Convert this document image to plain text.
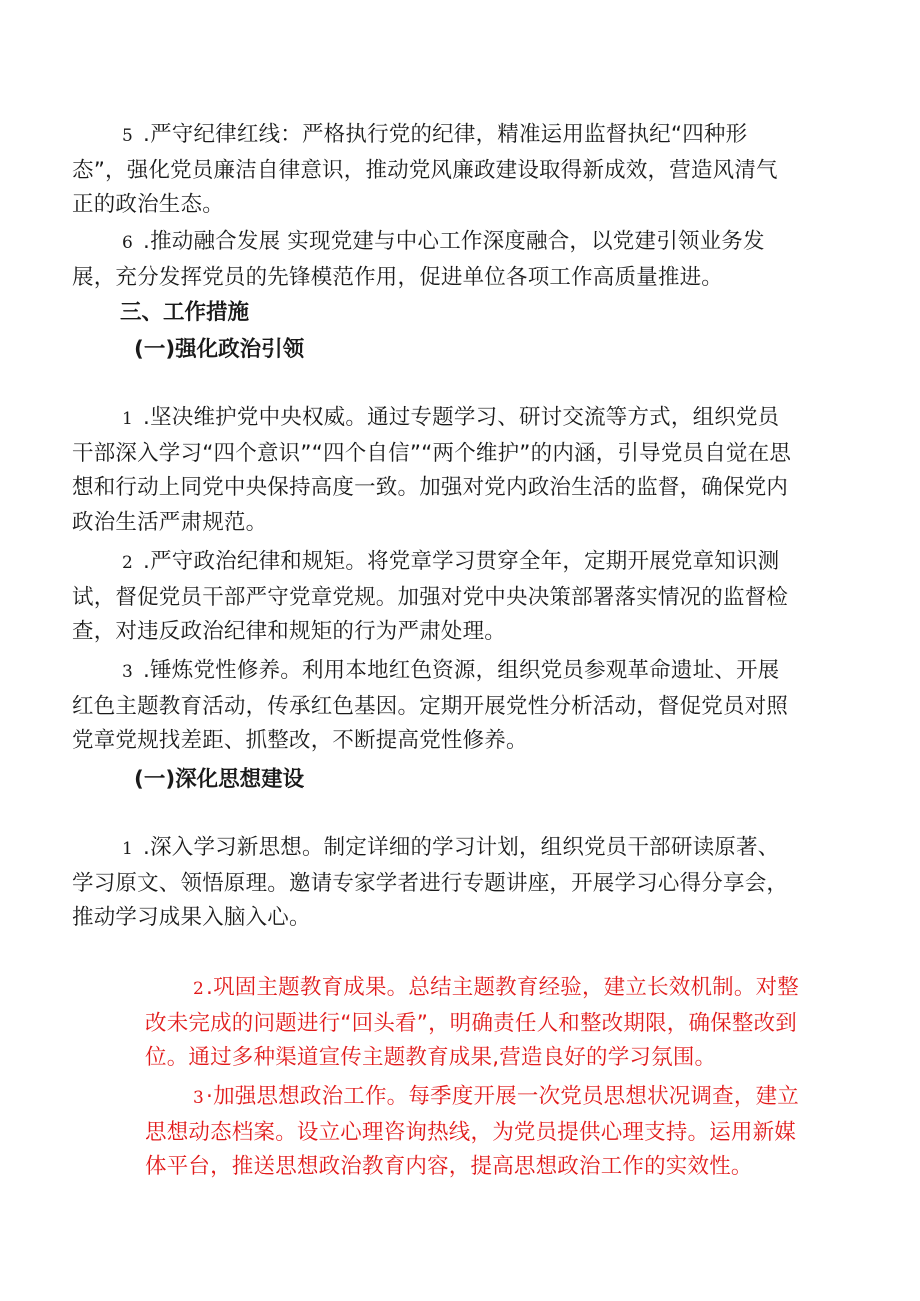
5 .严守纪律红线：严格执行党的纪律，精准运用监督执纪“四种形态”，强化党员廉洁自律意识，推动党风廉政建设取得新成效，营造风清气正的政治生态。

6 .推动融合发展 实现党建与中心工作深度融合，以党建引领业务发展，充分发挥党员的先锋模范作用，促进单位各项工作高质量推进。

三、工作措施
(一)强化政治引领

1 .坚决维护党中央权威。通过专题学习、研讨交流等方式，组织党员干部深入学习“四个意识”“四个自信”“两个维护”的内涵，引导党员自觉在思想和行动上同党中央保持高度一致。加强对党内政治生活的监督，确保党内政治生活严肃规范。

2 .严守政治纪律和规矩。将党章学习贯穿全年，定期开展党章知识测试，督促党员干部严守党章党规。加强对党中央决策部署落实情况的监督检查，对违反政治纪律和规矩的行为严肃处理。

3 .锤炼党性修养。利用本地红色资源，组织党员参观革命遗址、开展红色主题教育活动，传承红色基因。定期开展党性分析活动，督促党员对照党章党规找差距、抓整改，不断提高党性修养。

(一)深化思想建设

1 .深入学习新思想。制定详细的学习计划，组织党员干部研读原著、学习原文、领悟原理。邀请专家学者进行专题讲座，开展学习心得分享会，推动学习成果入脑入心。

2.巩固主题教育成果。总结主题教育经验，建立长效机制。对整改未完成的问题进行“回头看”，明确责任人和整改期限，确保整改到位。通过多种渠道宣传主题教育成果,营造良好的学习氛围。

3·加强思想政治工作。每季度开展一次党员思想状况调查，建立思想动态档案。设立心理咨询热线，为党员提供心理支持。运用新媒体平台，推送思想政治教育内容，提高思想政治工作的实效性。
